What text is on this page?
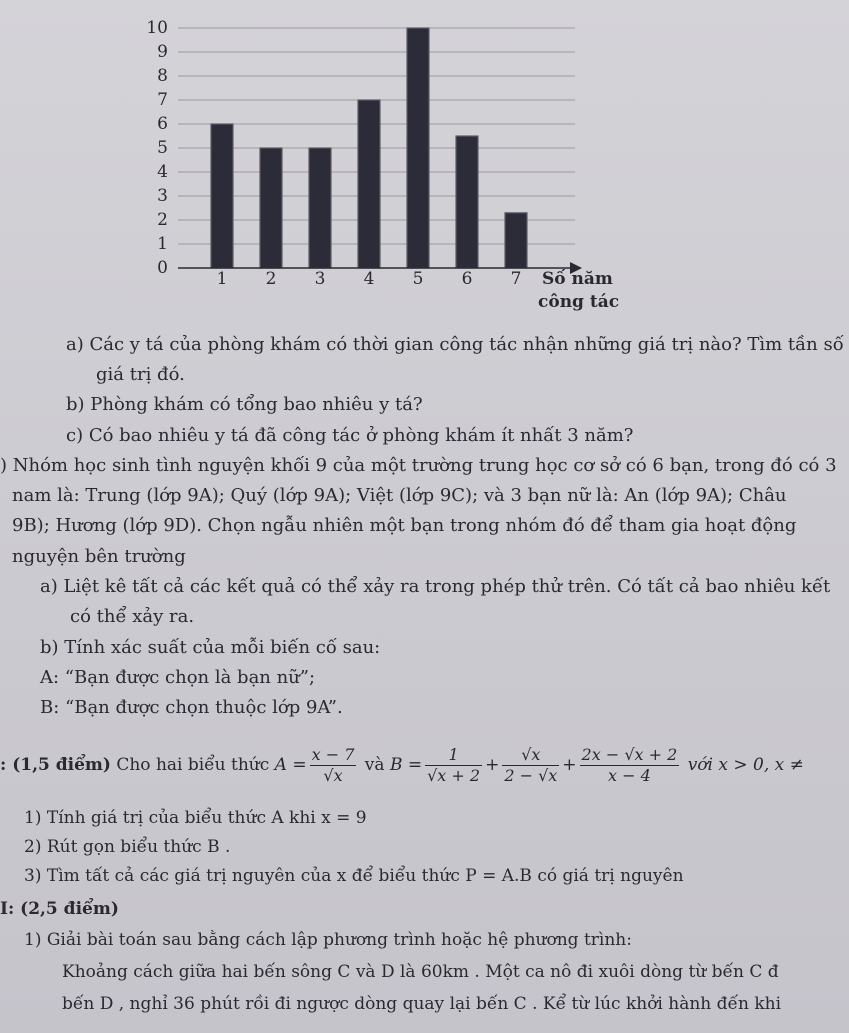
0
1
2
3
4
5
6
7
8
9
10
1 2 3 4 5 6 7 Số năm
công tác
a) Các y tá của phòng khám có thời gian công tác nhận những giá trị nào? Tìm tần số
giá trị đó.
b) Phòng khám có tổng bao nhiêu y tá?
c) Có bao nhiêu y tá đã công tác ở phòng khám ít nhất 3 năm?
) Nhóm học sinh tình nguyện khối 9 của một trường trung học cơ sở có 6 bạn, trong đó có 3
nam là: Trung (lớp 9A); Quý (lớp 9A); Việt (lớp 9C); và 3 bạn nữ là: An (lớp 9A); Châu
9B); Hương (lớp 9D). Chọn ngẫu nhiên một bạn trong nhóm đó để tham gia hoạt động
nguyện bên trường
a) Liệt kê tất cả các kết quả có thể xảy ra trong phép thử trên. Có tất cả bao nhiêu kết
có thể xảy ra.
b) Tính xác suất của mỗi biến cố sau:
A: “Bạn được chọn là bạn nữ”;
B: “Bạn được chọn thuộc lớp 9A”.
: (1,5 điểm) Cho hai biểu thức $A = \frac{x - 7}{√x}$ và $B = \frac{1}{√x + 2} + \frac{√x}{2 - √x} + \frac{2x - √x + 2}{x - 4}$ với x > 0, x ≠
1) Tính giá trị của biểu thức A khi x = 9
2) Rút gọn biểu thức B .
3) Tìm tất cả các giá trị nguyên của x để biểu thức P = A.B có giá trị nguyên
I: (2,5 điểm)
1) Giải bài toán sau bằng cách lập phương trình hoặc hệ phương trình:
Khoảng cách giữa hai bến sông C và D là 60km . Một ca nô đi xuôi dòng từ bến C đ
bến D , nghỉ 36 phút rồi đi ngược dòng quay lại bến C . Kể từ lúc khởi hành đến khi
